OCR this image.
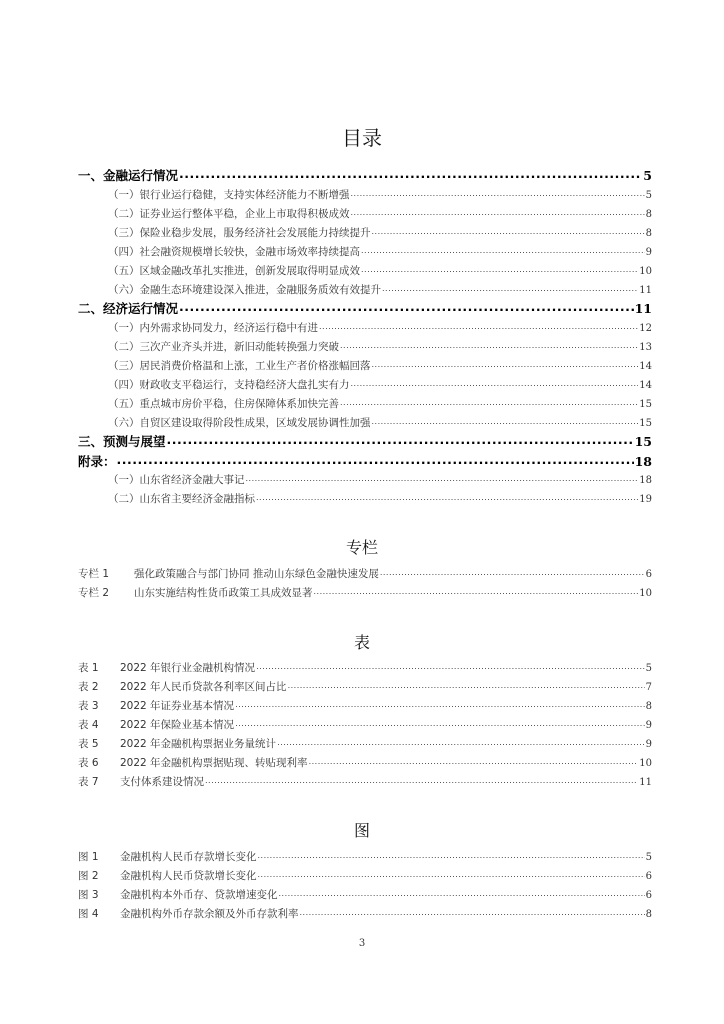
目录
一、金融运行情况 .....	5
（一）银行业运行稳健，支持实体经济能力不断增强 .....	5
（二）证券业运行整体平稳，企业上市取得积极成效 .....	8
（三）保险业稳步发展，服务经济社会发展能力持续提升 .....	8
（四）社会融资规模增长较快，金融市场效率持续提高 .....	9
（五）区域金融改革扎实推进，创新发展取得明显成效 .....	10
（六）金融生态环境建设深入推进，金融服务质效有效提升 .....	11
二、经济运行情况 .....	11
（一）内外需求协同发力，经济运行稳中有进 .....	12
（二）三次产业齐头并进，新旧动能转换强力突破 .....	13
（三）居民消费价格温和上涨，工业生产者价格涨幅回落 .....	14
（四）财政收支平稳运行，支持稳经济大盘扎实有力 .....	14
（五）重点城市房价平稳，住房保障体系加快完善 .....	15
（六）自贸区建设取得阶段性成果，区域发展协调性加强 .....	15
三、预测与展望 .....	15
附录： .....	18
（一）山东省经济金融大事记 .....	18
（二）山东省主要经济金融指标 .....	19
专栏
专栏 1 强化政策融合与部门协同 推动山东绿色金融快速发展 .....	6
专栏 2 山东实施结构性货币政策工具成效显著 .....	10
表
表 1 2022 年银行业金融机构情况 .....	5
表 2 2022 年人民币贷款各利率区间占比 .....	7
表 3 2022 年证券业基本情况 .....	8
表 4 2022 年保险业基本情况 .....	9
表 5 2022 年金融机构票据业务量统计 .....	9
表 6 2022 年金融机构票据贴现、转贴现利率 .....	10
表 7 支付体系建设情况 .....	11
图
图 1 金融机构人民币存款增长变化 .....	5
图 2 金融机构人民币贷款增长变化 .....	6
图 3 金融机构本外币存、贷款增速变化 .....	6
图 4 金融机构外币存款余额及外币存款利率 .....	8
3
